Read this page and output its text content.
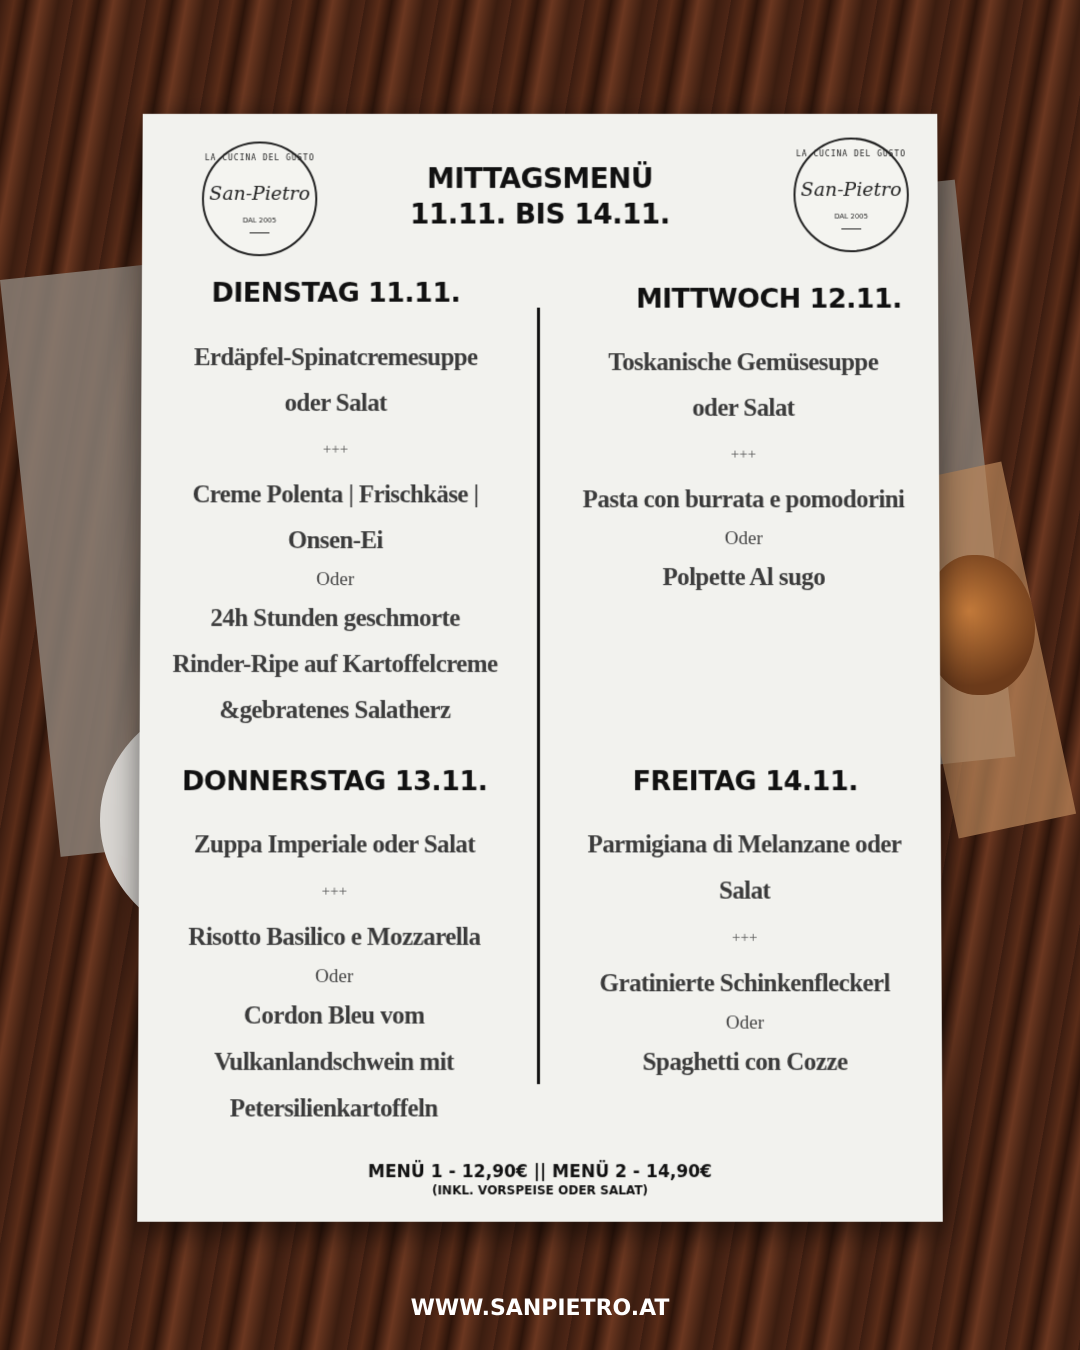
LA CUCINA DEL GUSTO
San-Pietro
DAL 2005
MITTAGSMENÜ
11.11. BIS 14.11.
LA CUCINA DEL GUSTO
San-Pietro
DAL 2005
DIENSTAG 11.11.
Erdäpfel-Spinatcremesuppe
oder Salat
+++
Creme Polenta | Frischkäse |
Onsen-Ei
Oder
24h Stunden geschmorte
Rinder-Ripe auf Kartoffelcreme
&gebratenes Salatherz
MITTWOCH 12.11.
Toskanische Gemüsesuppe
oder Salat
+++
Pasta con burrata e pomodorini
Oder
Polpette Al sugo
DONNERSTAG 13.11.
Zuppa Imperiale oder Salat
+++
Risotto Basilico e Mozzarella
Oder
Cordon Bleu vom
Vulkanlandschwein mit
Petersilienkartoffeln
FREITAG 14.11.
Parmigiana di Melanzane oder
Salat
+++
Gratinierte Schinkenfleckerl
Oder
Spaghetti con Cozze
MENÜ 1 - 12,90€ || MENÜ 2 - 14,90€
(INKL. VORSPEISE ODER SALAT)
WWW.SANPIETRO.AT
